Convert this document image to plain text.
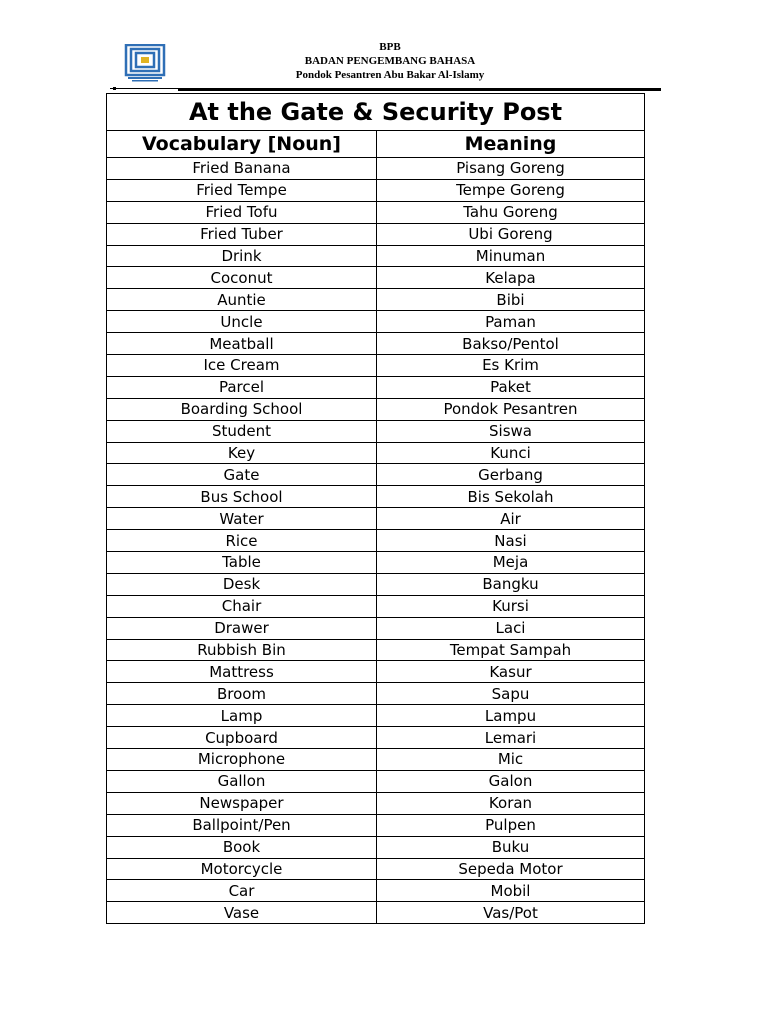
BPB
BADAN PENGEMBANG BAHASA
Pondok Pesantren Abu Bakar Al-Islamy
At the Gate & Security Post	
Vocabulary [Noun]	Meaning
Fried Banana	Pisang Goreng
Fried Tempe	Tempe Goreng
Fried Tofu	Tahu Goreng
Fried Tuber	Ubi Goreng
Drink	Minuman
Coconut	Kelapa
Auntie	Bibi
Uncle	Paman
Meatball	Bakso/Pentol
Ice Cream	Es Krim
Parcel	Paket
Boarding School	Pondok Pesantren
Student	Siswa
Key	Kunci
Gate	Gerbang
Bus School	Bis Sekolah
Water	Air
Rice	Nasi
Table	Meja
Desk	Bangku
Chair	Kursi
Drawer	Laci
Rubbish Bin	Tempat Sampah
Mattress	Kasur
Broom	Sapu
Lamp	Lampu
Cupboard	Lemari
Microphone	Mic
Gallon	Galon
Newspaper	Koran
Ballpoint/Pen	Pulpen
Book	Buku
Motorcycle	Sepeda Motor
Car	Mobil
Vase	Vas/Pot
